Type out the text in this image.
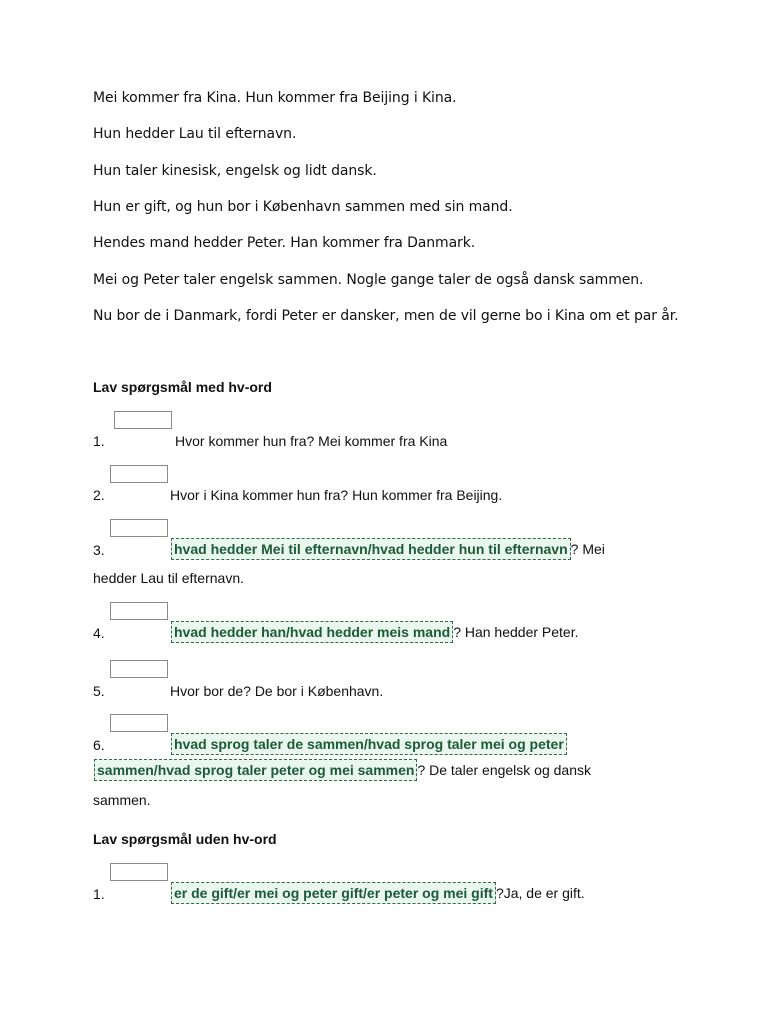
Mei kommer fra Kina. Hun kommer fra Beijing i Kina.

Hun hedder Lau til efternavn.

Hun taler kinesisk, engelsk og lidt dansk.

Hun er gift, og hun bor i København sammen med sin mand.

Hendes mand hedder Peter. Han kommer fra Danmark.

Mei og Peter taler engelsk sammen. Nogle gange taler de også dansk sammen.

Nu bor de i Danmark, fordi Peter er dansker, men de vil gerne bo i Kina om et par år.

Lav spørgsmål med hv-ord

1.	Hvor kommer hun fra? Mei kommer fra Kina
2.	Hvor i Kina kommer hun fra? Hun kommer fra Beijing.
3.	hvad hedder Mei til efternavn/hvad hedder hun til efternavn ? Mei
hedder Lau til efternavn.
4.	hvad hedder han/hvad hedder meis mand ? Han hedder Peter.
5.	Hvor bor de? De bor i København.
6.	hvad sprog taler de sammen/hvad sprog taler mei og peter
sammen/hvad sprog taler peter og mei sammen ? De taler engelsk og dansk
sammen.

Lav spørgsmål uden hv-ord

1.	er de gift/er mei og peter gift/er peter og mei gift ?Ja, de er gift.
